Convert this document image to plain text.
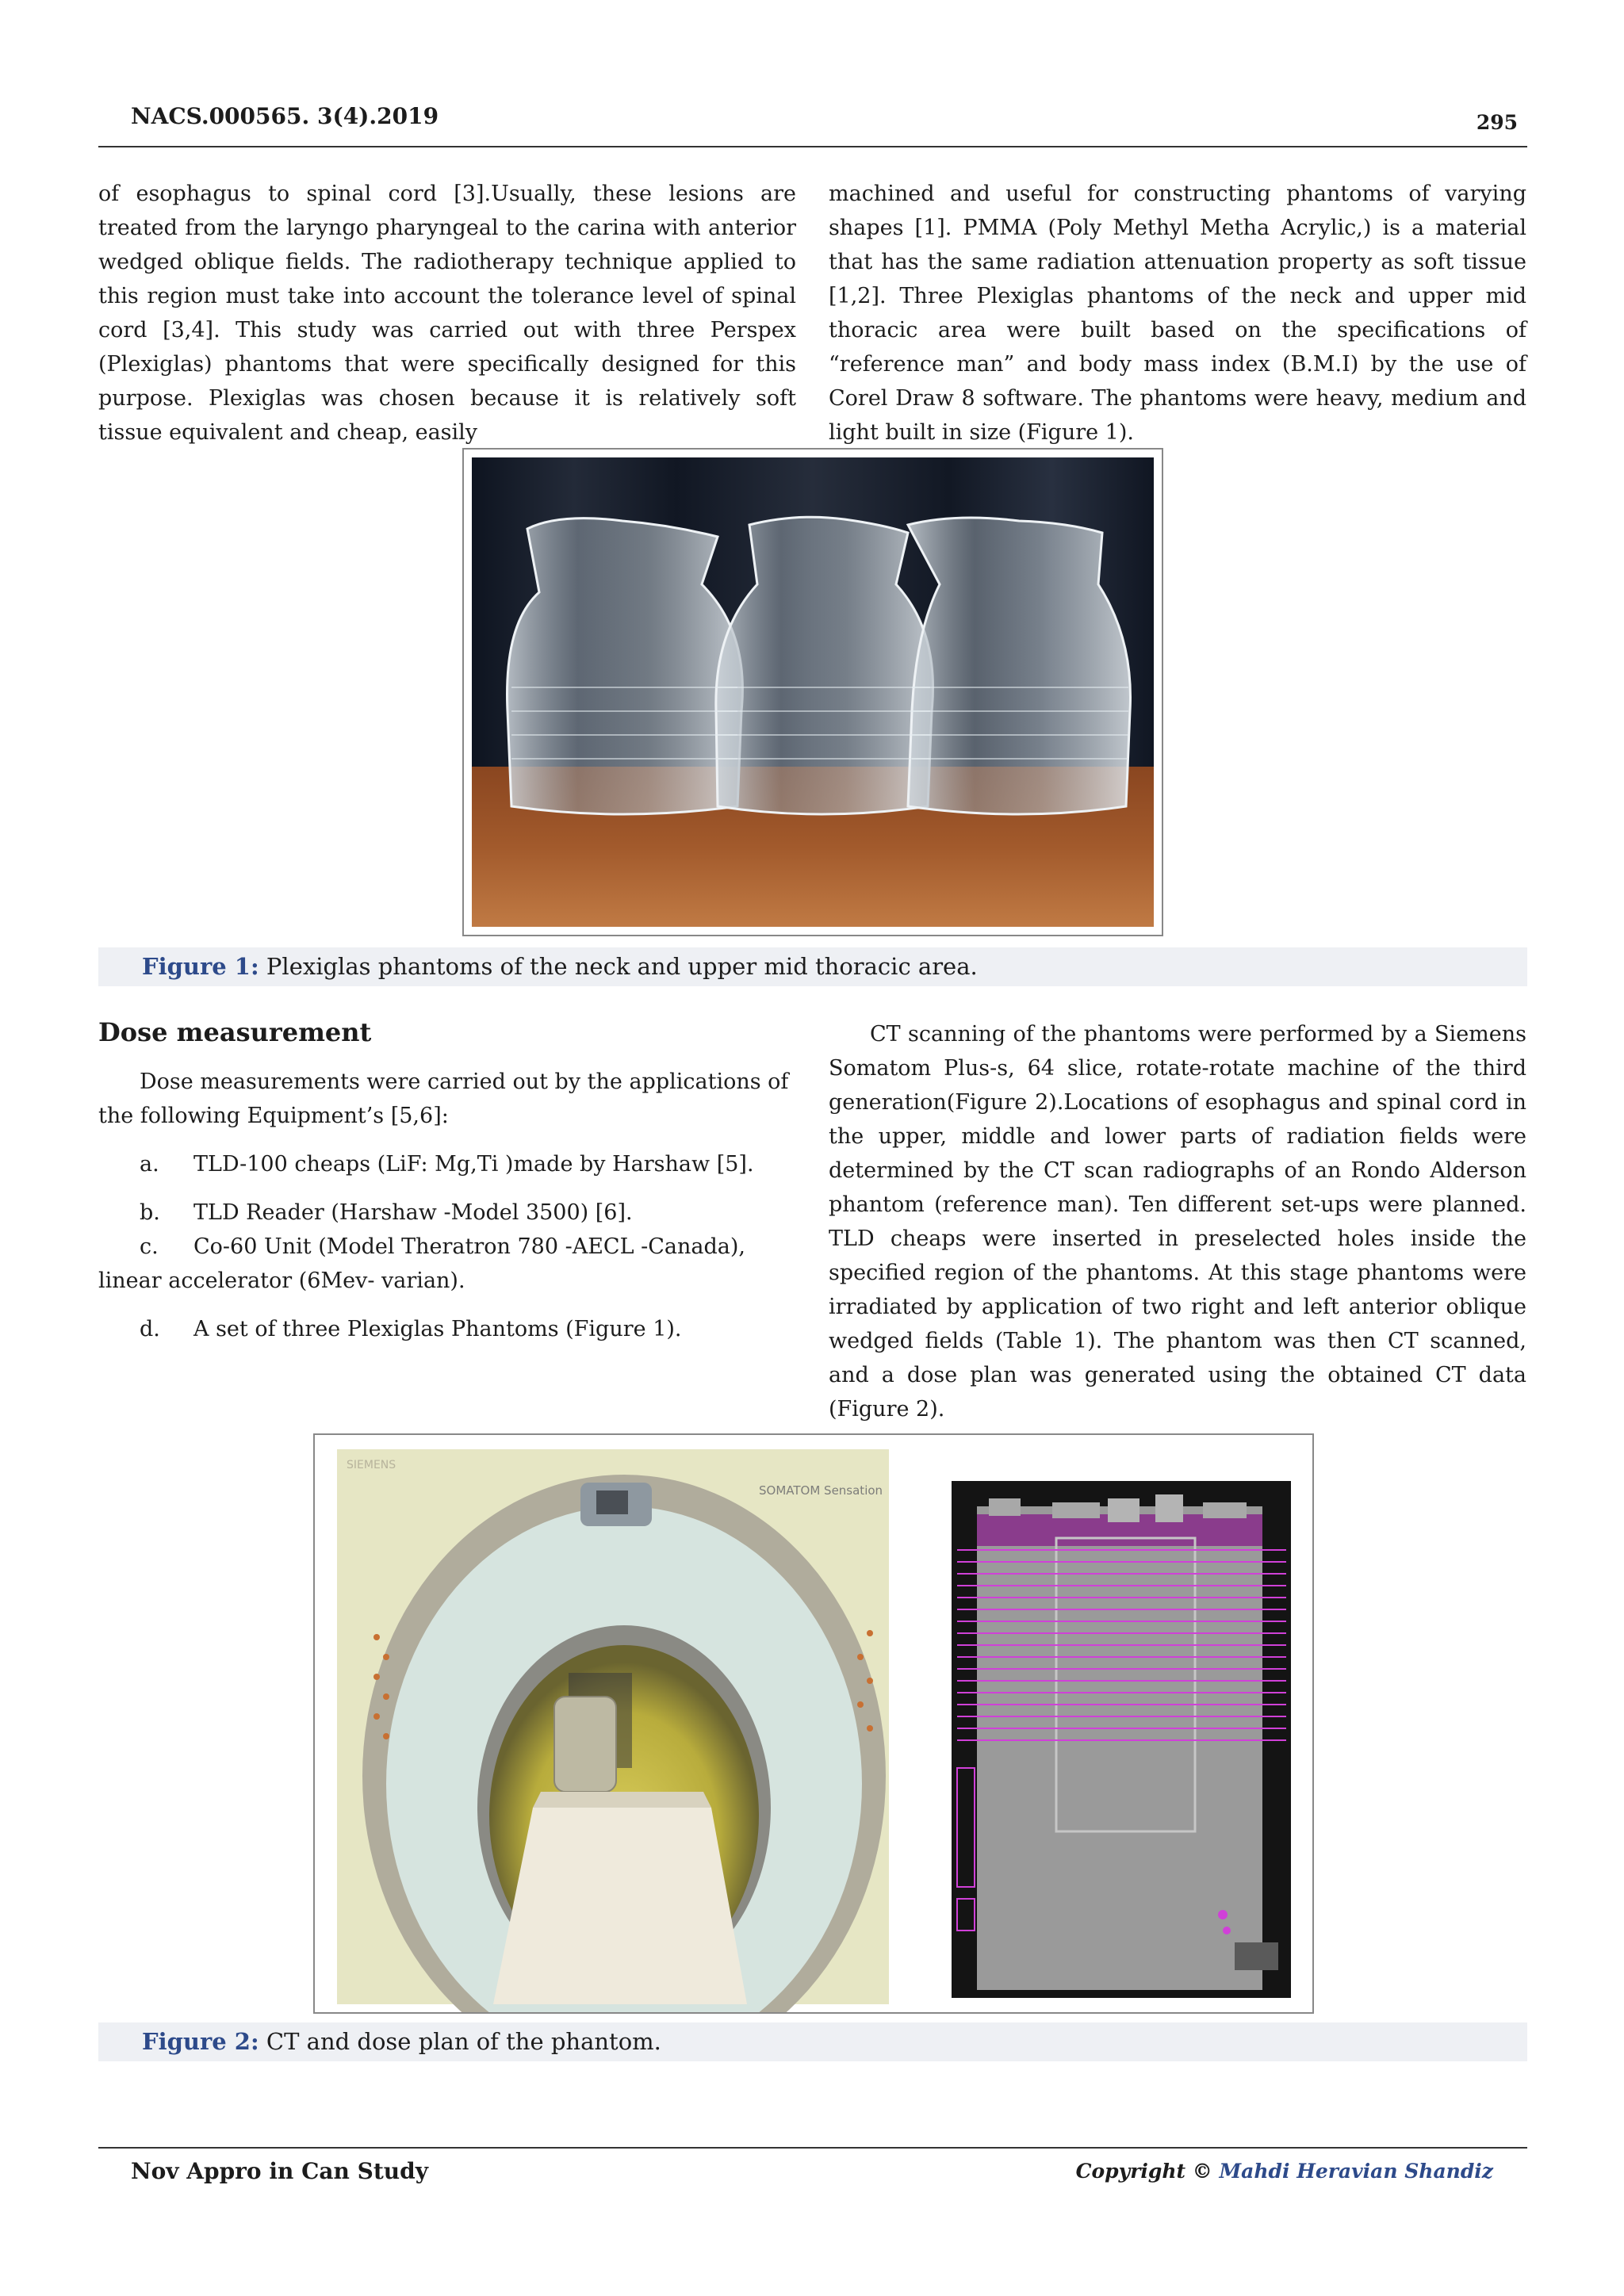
NACS.000565. 3(4).2019	295

of esophagus to spinal cord [3].Usually, these lesions are treated from the laryngo pharyngeal to the carina with anterior wedged oblique fields. The radiotherapy technique applied to this region must take into account the tolerance level of spinal cord [3,4]. This study was carried out with three Perspex (Plexiglas) phantoms that were specifically designed for this purpose. Plexiglas was chosen because it is relatively soft tissue equivalent and cheap, easily

machined and useful for constructing phantoms of varying shapes [1]. PMMA (Poly Methyl Metha Acrylic,) is a material that has the same radiation attenuation property as soft tissue [1,2]. Three Plexiglas phantoms of the neck and upper mid thoracic area were built based on the specifications of “reference man” and body mass index (B.M.I) by the use of Corel Draw 8 software. The phantoms were heavy, medium and light built in size (Figure 1).

Figure 1: Plexiglas phantoms of the neck and upper mid thoracic area.
Dose measurement

Dose measurements were carried out by the applications of the following Equipment’s [5,6]:

a.	TLD-100 cheaps (LiF: Mg,Ti )made by Harshaw [5].
b.	TLD Reader (Harshaw -Model 3500) [6].

c. Co-60 Unit (Model Theratron 780 -AECL -Canada), linear accelerator (6Mev- varian).

d.	A set of three Plexiglas Phantoms (Figure 1).

CT scanning of the phantoms were performed by a Siemens Somatom Plus-s, 64 slice, rotate-rotate machine of the third generation(Figure 2).Locations of esophagus and spinal cord in the upper, middle and lower parts of radiation fields were determined by the CT scan radiographs of an Rondo Alderson phantom (reference man). Ten different set-ups were planned. TLD cheaps were inserted in preselected holes inside the specified region of the phantoms. At this stage phantoms were irradiated by application of two right and left anterior oblique wedged fields (Table 1). The phantom was then CT scanned, and a dose plan was generated using the obtained CT data (Figure 2).

SOMATOM Sensation
SIEMENS
Figure 2: CT and dose plan of the phantom.
Nov Appro in Can Study	Copyright © Mahdi Heravian Shandiz
